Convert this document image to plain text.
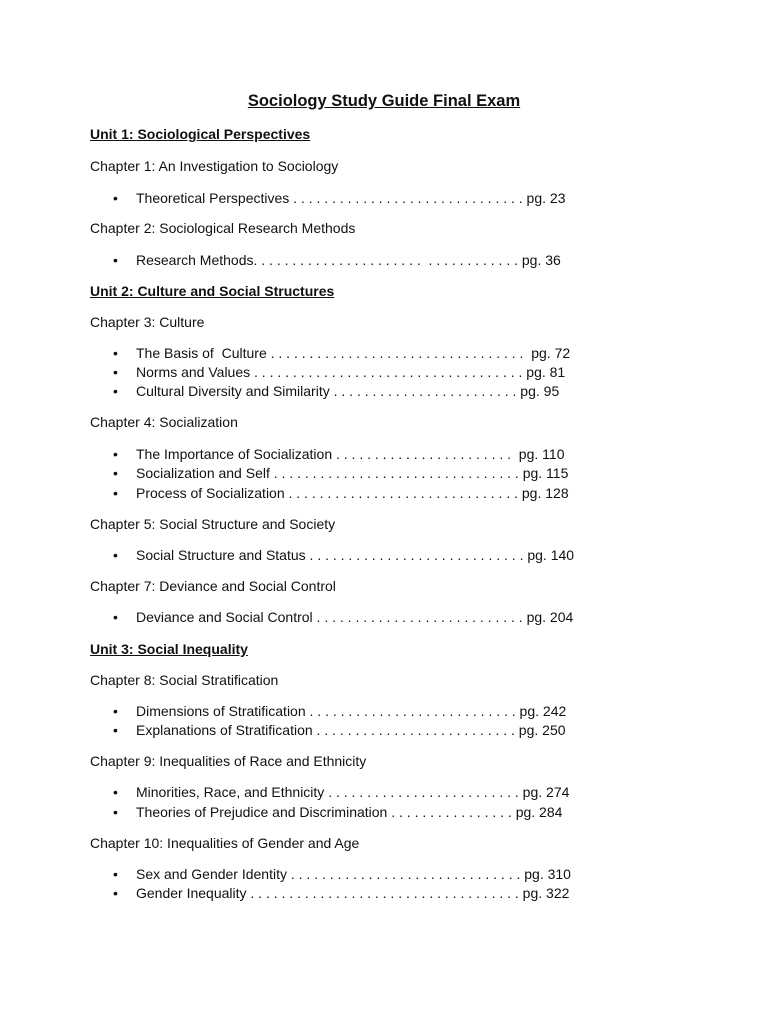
Sociology Study Guide Final Exam
Unit 1: Sociological Perspectives
Chapter 1: An Investigation to Sociology
• Theoretical Perspectives . . . . . . . . . . . . . . . . . . . . . . . . . . . . . . pg. 23
Chapter 2: Sociological Research Methods
• Research Methods. . . . . . . . . . . . . . . . . . . . . .  . . . . . . . . . . . . pg. 36
Unit 2: Culture and Social Structures
Chapter 3: Culture
• The Basis of  Culture . . . . . . . . . . . . . . . . . . . . . . . . . . . . . . . . .  pg. 72
• Norms and Values . . . . . . . . . . . . . . . . . . . . . . . . . . . . . . . . . . . pg. 81
• Cultural Diversity and Similarity . . . . . . . . . . . . . . . . . . . . . . . . pg. 95
Chapter 4: Socialization
• The Importance of Socialization . . . . . . . . . . . . . . . . . . . . . . .  pg. 110
• Socialization and Self . . . . . . . . . . . . . . . . . . . . . . . . . . . . . . . . pg. 115
• Process of Socialization . . . . . . . . . . . . . . . . . . . . . . . . . . . . . . pg. 128
Chapter 5: Social Structure and Society
• Social Structure and Status . . . . . . . . . . . . . . . . . . . . . . . . . . . . pg. 140
Chapter 7: Deviance and Social Control
• Deviance and Social Control . . . . . . . . . . . . . . . . . . . . . . . . . . . pg. 204
Unit 3: Social Inequality
Chapter 8: Social Stratification
• Dimensions of Stratification . . . . . . . . . . . . . . . . . . . . . . . . . . . pg. 242
• Explanations of Stratification . . . . . . . . . . . . . . . . . . . . . . . . . . pg. 250
Chapter 9: Inequalities of Race and Ethnicity
• Minorities, Race, and Ethnicity . . . . . . . . . . . . . . . . . . . . . . . . . pg. 274
• Theories of Prejudice and Discrimination . . . . . . . . . . . . . . . . pg. 284
Chapter 10: Inequalities of Gender and Age
• Sex and Gender Identity . . . . . . . . . . . . . . . . . . . . . . . . . . . . . . pg. 310
• Gender Inequality . . . . . . . . . . . . . . . . . . . . . . . . . . . . . . . . . . . pg. 322
